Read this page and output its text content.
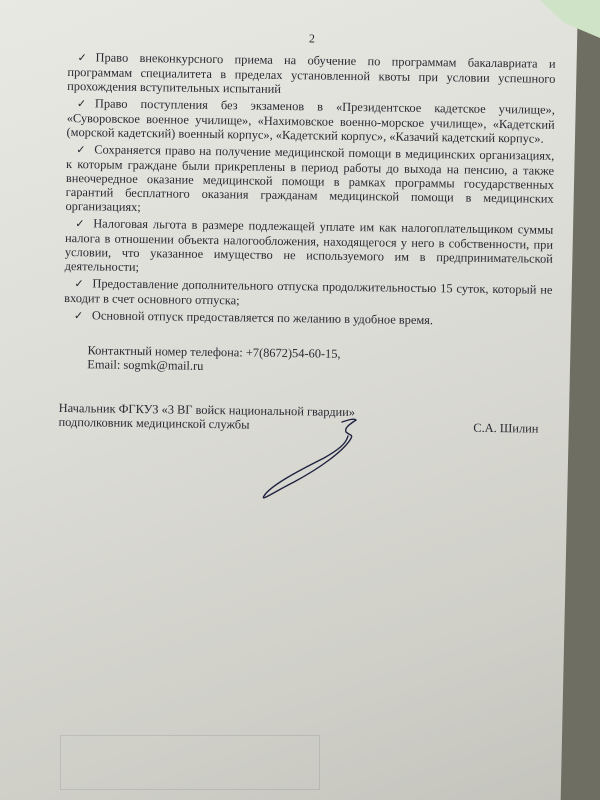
2
✓ Право внеконкурсного приема на обучение по программам бакалавриата и программам специалитета в пределах установленной квоты при условии успешного прохождения вступительных испытаний
✓ Право поступления без экзаменов в «Президентское кадетское училище», «Суворовское военное училище», «Нахимовское военно-морское училище», «Кадетский (морской кадетский) военный корпус», «Кадетский корпус», «Казачий кадетский корпус».
✓ Сохраняется право на получение медицинской помощи в медицинских организациях, к которым граждане были прикреплены в период работы до выхода на пенсию, а также внеочередное оказание медицинской помощи в рамках программы государственных гарантий бесплатного оказания гражданам медицинской помощи в медицинских организациях;
✓ Налоговая льгота в размере подлежащей уплате им как налогоплательщиком суммы налога в отношении объекта налогообложения, находящегося у него в собственности, при условии, что указанное имущество не используемого им в предпринимательской деятельности;
✓ Предоставление дополнительного отпуска продолжительностью 15 суток, который не входит в счет основного отпуска;
✓ Основной отпуск предоставляется по желанию в удобное время.
Контактный номер телефона: +7(8672)54-60-15,
Email: sogmk@mail.ru
Начальник ФГКУЗ «3 ВГ войск национальной гвардии»
подполковник медицинской службы	С.А. Шилин
